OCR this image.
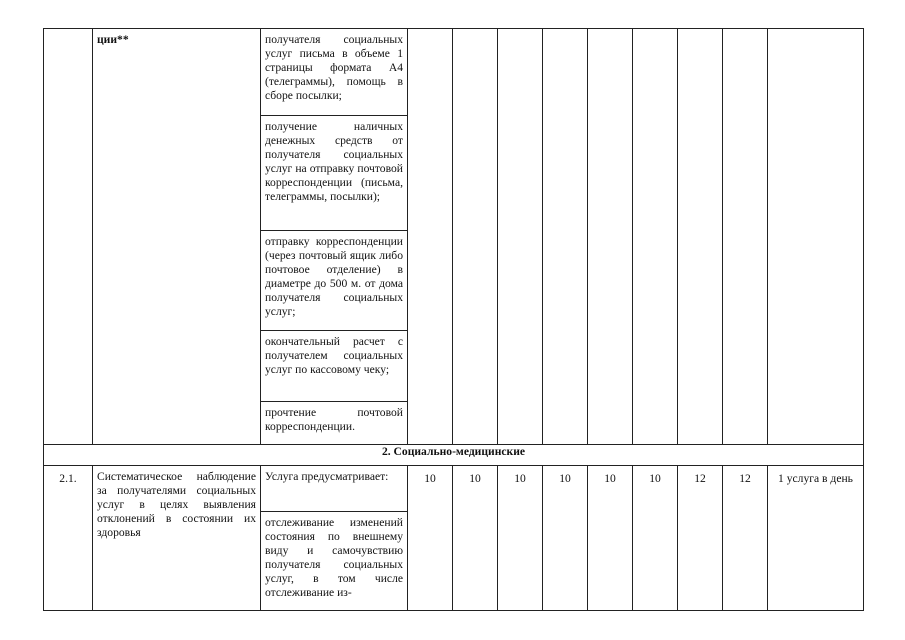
	ции**	получателя социальных услуг письма в объеме 1 страницы формата А4 (телеграммы), помощь в сборе посылки;									
		получение наличных денежных средств от получателя социальных услуг на отправку почтовой корреспонденции (письма, телеграммы, посылки);									
		отправку корреспонденции (через почтовый ящик либо почтовое отделение) в диаметре до 500 м. от дома получателя социальных услуг;									
		окончательный расчет с получателем социальных услуг по кассовому чеку;									
		прочтение почтовой корреспонденции.									
2. Социально-медицинские											
2.1.	Систематическое наблюдение за получателями социальных услуг в целях выявления отклонений в состоянии их здоровья	Услуга предусматривает:	10	10	10	10	10	10	12	12	1 услуга в день
		отслеживание изменений состояния по внешнему виду и самочувствию получателя социальных услуг, в том числе отслеживание из-									
